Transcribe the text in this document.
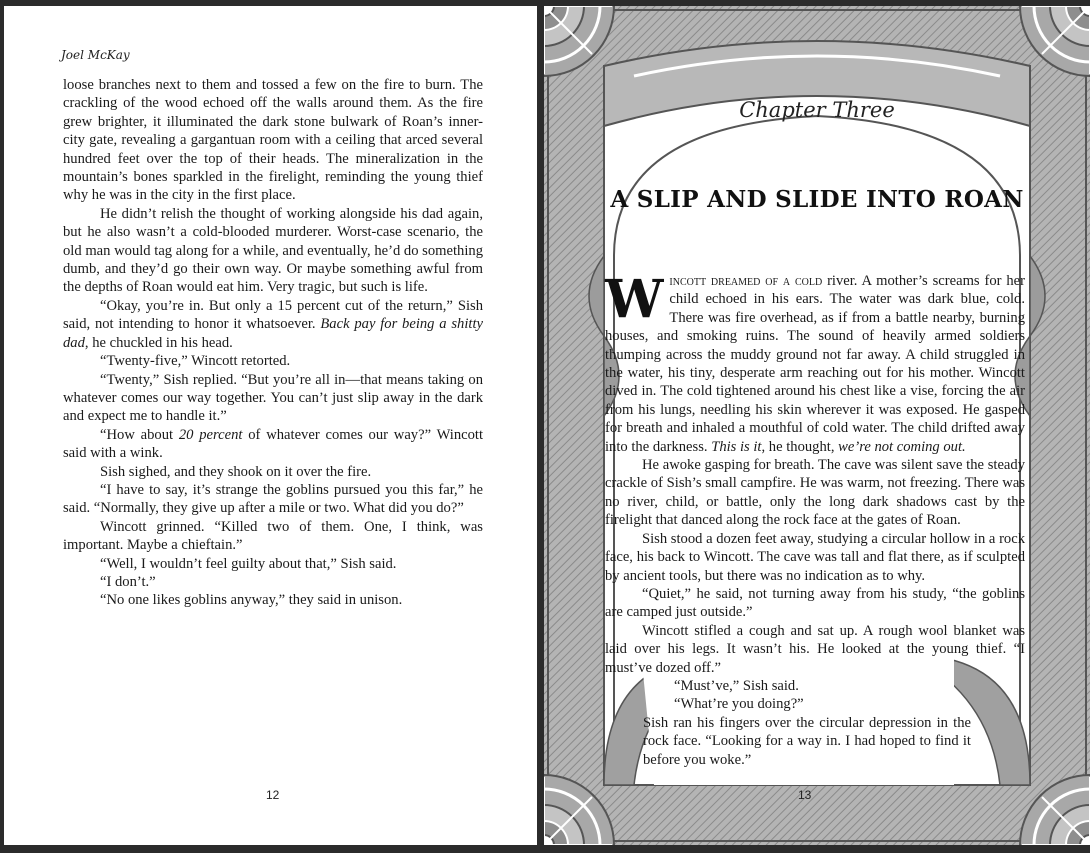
Joel McKay

loose branches next to them and tossed a few on the fire to burn. The crackling of the wood echoed off the walls around them. As the fire grew brighter, it illuminated the dark stone bulwark of Roan’s inner-city gate, revealing a gargantuan room with a ceiling that arced several hundred feet over the top of their heads. The mineralization in the mountain’s bones sparkled in the firelight, reminding the young thief why he was in the city in the first place.

He didn’t relish the thought of working alongside his dad again, but he also wasn’t a cold-blooded murderer. Worst-case scenario, the old man would tag along for a while, and eventually, he’d do something dumb, and they’d go their own way. Or maybe something awful from the depths of Roan would eat him. Very tragic, but such is life.

“Okay, you’re in. But only a 15 percent cut of the return,” Sish said, not intending to honor it whatsoever. Back pay for being a shitty dad, he chuckled in his head.

“Twenty-five,” Wincott retorted.

“Twenty,” Sish replied. “But you’re all in—that means taking on whatever comes our way together. You can’t just slip away in the dark and expect me to handle it.”

“How about 20 percent of whatever comes our way?” Wincott said with a wink.

Sish sighed, and they shook on it over the fire.

“I have to say, it’s strange the goblins pursued you this far,” he said. “Normally, they give up after a mile or two. What did you do?”

Wincott grinned. “Killed two of them. One, I think, was important. Maybe a chieftain.”

“Well, I wouldn’t feel guilty about that,” Sish said.

“I don’t.”

“No one likes goblins anyway,” they said in unison.

12
Chapter Three
A SLIP AND SLIDE INTO ROAN

Wincott dreamed of a cold river. A mother’s screams for her child echoed in his ears. The water was dark blue, cold. There was fire overhead, as if from a battle nearby, burning houses, and smoking ruins. The sound of heavily armed soldiers thumping across the muddy ground not far away. A child struggled in the water, his tiny, desperate arm reaching out for his mother. Wincott dived in. The cold tightened around his chest like a vise, forcing the air from his lungs, needling his skin wherever it was exposed. He gasped for breath and inhaled a mouthful of cold water. The child drifted away into the darkness. This is it, he thought, we’re not coming out.

He awoke gasping for breath. The cave was silent save the steady crackle of Sish’s small campfire. He was warm, not freezing. There was no river, child, or battle, only the long dark shadows cast by the firelight that danced along the rock face at the gates of Roan.

Sish stood a dozen feet away, studying a circular hollow in a rock face, his back to Wincott. The cave was tall and flat there, as if sculpted by ancient tools, but there was no indication as to why.

“Quiet,” he said, not turning away from his study, “the goblins are camped just outside.”

Wincott stifled a cough and sat up. A rough wool blanket was laid over his legs. It wasn’t his. He looked at the young thief. “I must’ve dozed off.”

“Must’ve,” Sish said.

“What’re you doing?”

Sish ran his fingers over the circular depression in the rock face. “Looking for a way in. I had hoped to find it before you woke.”

13
